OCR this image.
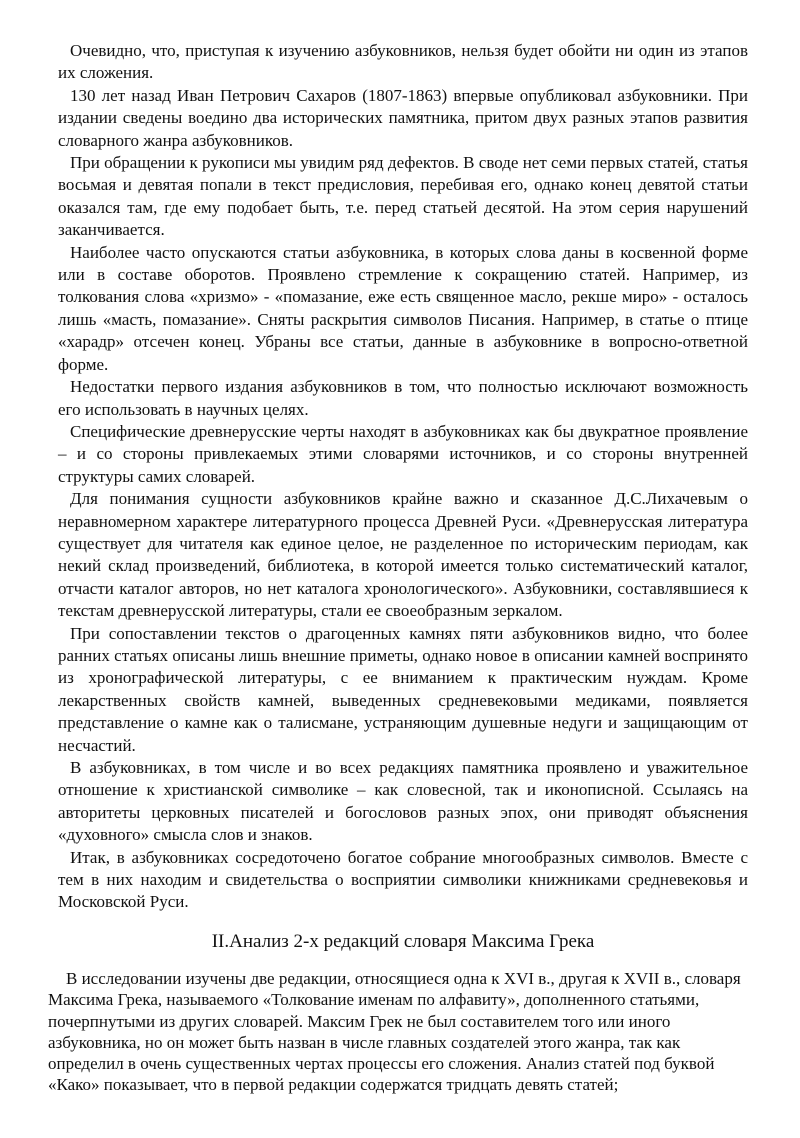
Очевидно, что, приступая к изучению азбуковников, нельзя будет обойти ни один из этапов их сложения.

130 лет назад Иван Петрович Сахаров (1807-1863) впервые опубликовал азбуковники. При издании сведены воедино два исторических памятника, притом двух разных этапов развития словарного жанра азбуковников.

При обращении к рукописи мы увидим ряд дефектов. В своде нет семи первых статей, статья восьмая и девятая попали в текст предисловия, перебивая его, однако конец девятой статьи оказался там, где ему подобает быть, т.е. перед статьей десятой. На этом серия нарушений заканчивается.

Наиболее часто опускаются статьи азбуковника, в которых слова даны в косвенной форме или в составе оборотов. Проявлено стремление к сокращению статей. Например, из толкования слова «хризмо» - «помазание, еже есть священное масло, рекше миро» - осталось лишь «масть, помазание». Сняты раскрытия символов Писания. Например, в статье о птице «харадр» отсечен конец. Убраны все статьи, данные в азбуковнике в вопросно-ответной форме.

Недостатки первого издания азбуковников в том, что полностью исключают возможность его использовать в научных целях.

Специфические древнерусские черты находят в азбуковниках как бы двукратное проявление – и со стороны привлекаемых этими словарями источников, и со стороны внутренней структуры самих словарей.

Для понимания сущности азбуковников крайне важно и сказанное Д.С.Лихачевым о неравномерном характере литературного процесса Древней Руси. «Древнерусская литература существует для читателя как единое целое, не разделенное по историческим периодам, как некий склад произведений, библиотека, в которой имеется только систематический каталог, отчасти каталог авторов, но нет каталога хронологического». Азбуковники, составлявшиеся к текстам древнерусской литературы, стали ее своеобразным зеркалом.

При сопоставлении текстов о драгоценных камнях пяти азбуковников видно, что более ранних статьях описаны лишь внешние приметы, однако новое в описании камней воспринято из хронографической литературы, с ее вниманием к практическим нуждам. Кроме лекарственных свойств камней, выведенных средневековыми медиками, появляется представление о камне как о талисмане, устраняющим душевные недуги и защищающим от несчастий.

В азбуковниках, в том числе и во всех редакциях памятника проявлено и уважительное отношение к христианской символике – как словесной, так и иконописной. Ссылаясь на авторитеты церковных писателей и богословов разных эпох, они приводят объяснения «духовного» смысла слов и знаков.

Итак, в азбуковниках сосредоточено богатое собрание многообразных символов. Вместе с тем в них находим и свидетельства о восприятии символики книжниками средневековья и Московской Руси.

II.Анализ 2-х редакций словаря Максима Грека

В исследовании изучены две редакции, относящиеся одна к XVI в., другая к XVII в., словаря Максима Грека, называемого «Толкование именам по алфавиту», дополненного статьями, почерпнутыми из других словарей. Максим Грек не был составителем того или иного азбуковника, но он может быть назван в числе главных создателей этого жанра, так как определил в очень существенных чертах процессы его сложения. Анализ статей под буквой «Како» показывает, что в первой редакции содержатся тридцать девять статей;
